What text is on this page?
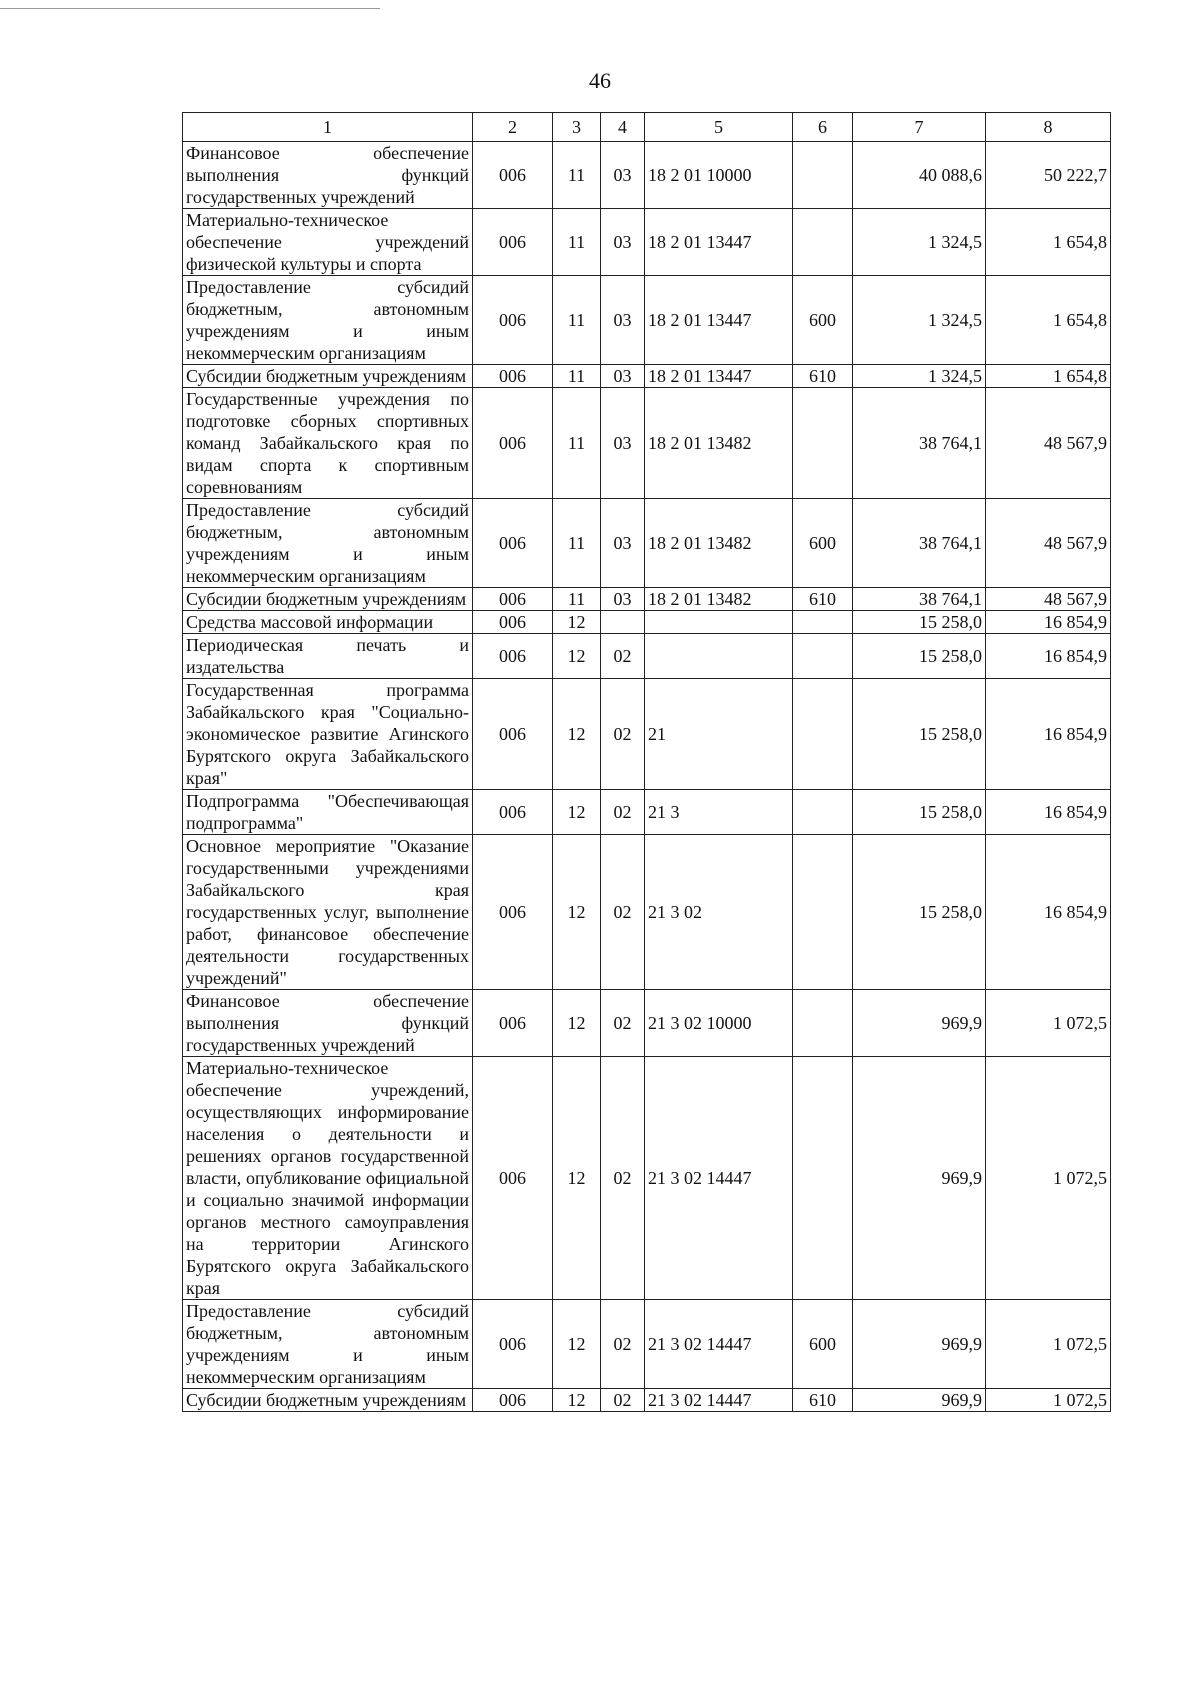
46
1	2	3	4	5	6	7	8
Финансовое обеспечение выполнения функций государственных учреждений	006	11	03	18 2 01 10000		40 088,6	50 222,7
Материально-техническое обеспечение учреждений физической культуры и спорта	006	11	03	18 2 01 13447		1 324,5	1 654,8
Предоставление субсидий бюджетным, автономным учреждениям и иным некоммерческим организациям	006	11	03	18 2 01 13447	600	1 324,5	1 654,8
Субсидии бюджетным учреждениям	006	11	03	18 2 01 13447	610	1 324,5	1 654,8
Государственные учреждения по подготовке сборных спортивных команд Забайкальского края по видам спорта к спортивным соревнованиям	006	11	03	18 2 01 13482		38 764,1	48 567,9
Предоставление субсидий бюджетным, автономным учреждениям и иным некоммерческим организациям	006	11	03	18 2 01 13482	600	38 764,1	48 567,9
Субсидии бюджетным учреждениям	006	11	03	18 2 01 13482	610	38 764,1	48 567,9
Средства массовой информации	006	12				15 258,0	16 854,9
Периодическая печать и издательства	006	12	02			15 258,0	16 854,9
Государственная программа Забайкальского края "Социально-экономическое развитие Агинского Бурятского округа Забайкальского края"	006	12	02	21		15 258,0	16 854,9
Подпрограмма "Обеспечивающая подпрограмма"	006	12	02	21 3		15 258,0	16 854,9
Основное мероприятие "Оказание государственными учреждениями Забайкальского края государственных услуг, выполнение работ, финансовое обеспечение деятельности государственных учреждений"	006	12	02	21 3 02		15 258,0	16 854,9
Финансовое обеспечение выполнения функций государственных учреждений	006	12	02	21 3 02 10000		969,9	1 072,5
Материально-техническое обеспечение учреждений, осуществляющих информирование населения о деятельности и решениях органов государственной власти, опубликование официальной и социально значимой информации органов местного самоуправления на территории Агинского Бурятского округа Забайкальского края	006	12	02	21 3 02 14447		969,9	1 072,5
Предоставление субсидий бюджетным, автономным учреждениям и иным некоммерческим организациям	006	12	02	21 3 02 14447	600	969,9	1 072,5
Субсидии бюджетным учреждениям	006	12	02	21 3 02 14447	610	969,9	1 072,5
